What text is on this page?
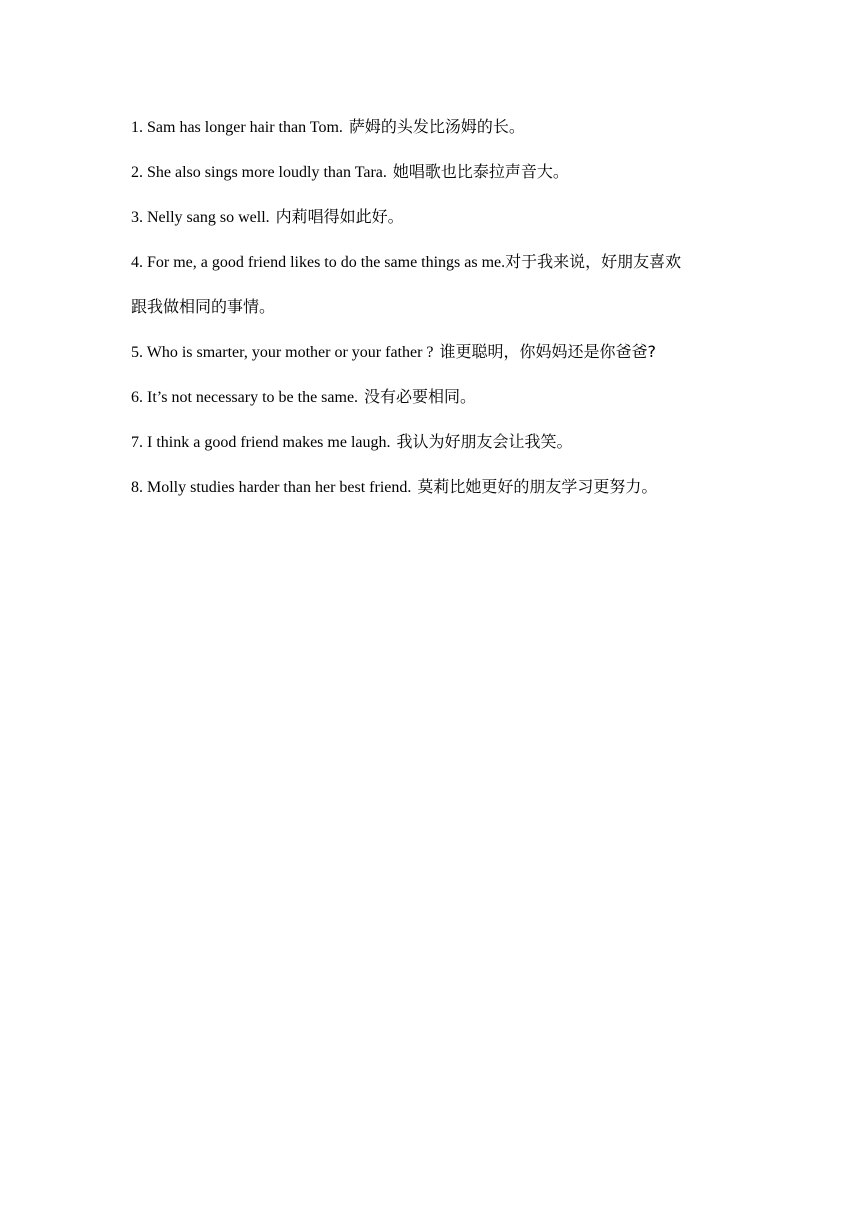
1. Sam has longer hair than Tom. 萨姆的头发比汤姆的长。
2. She also sings more loudly than Tara. 她唱歌也比泰拉声音大。
3. Nelly sang so well. 内莉唱得如此好。
4. For me, a good friend likes to do the same things as me.对于我来说，好朋友喜欢
跟我做相同的事情。
5. Who is smarter, your mother or your father ? 谁更聪明，你妈妈还是你爸爸?
6. It’s not necessary to be the same. 没有必要相同。
7. I think a good friend makes me laugh. 我认为好朋友会让我笑。
8. Molly studies harder than her best friend. 莫莉比她更好的朋友学习更努力。
